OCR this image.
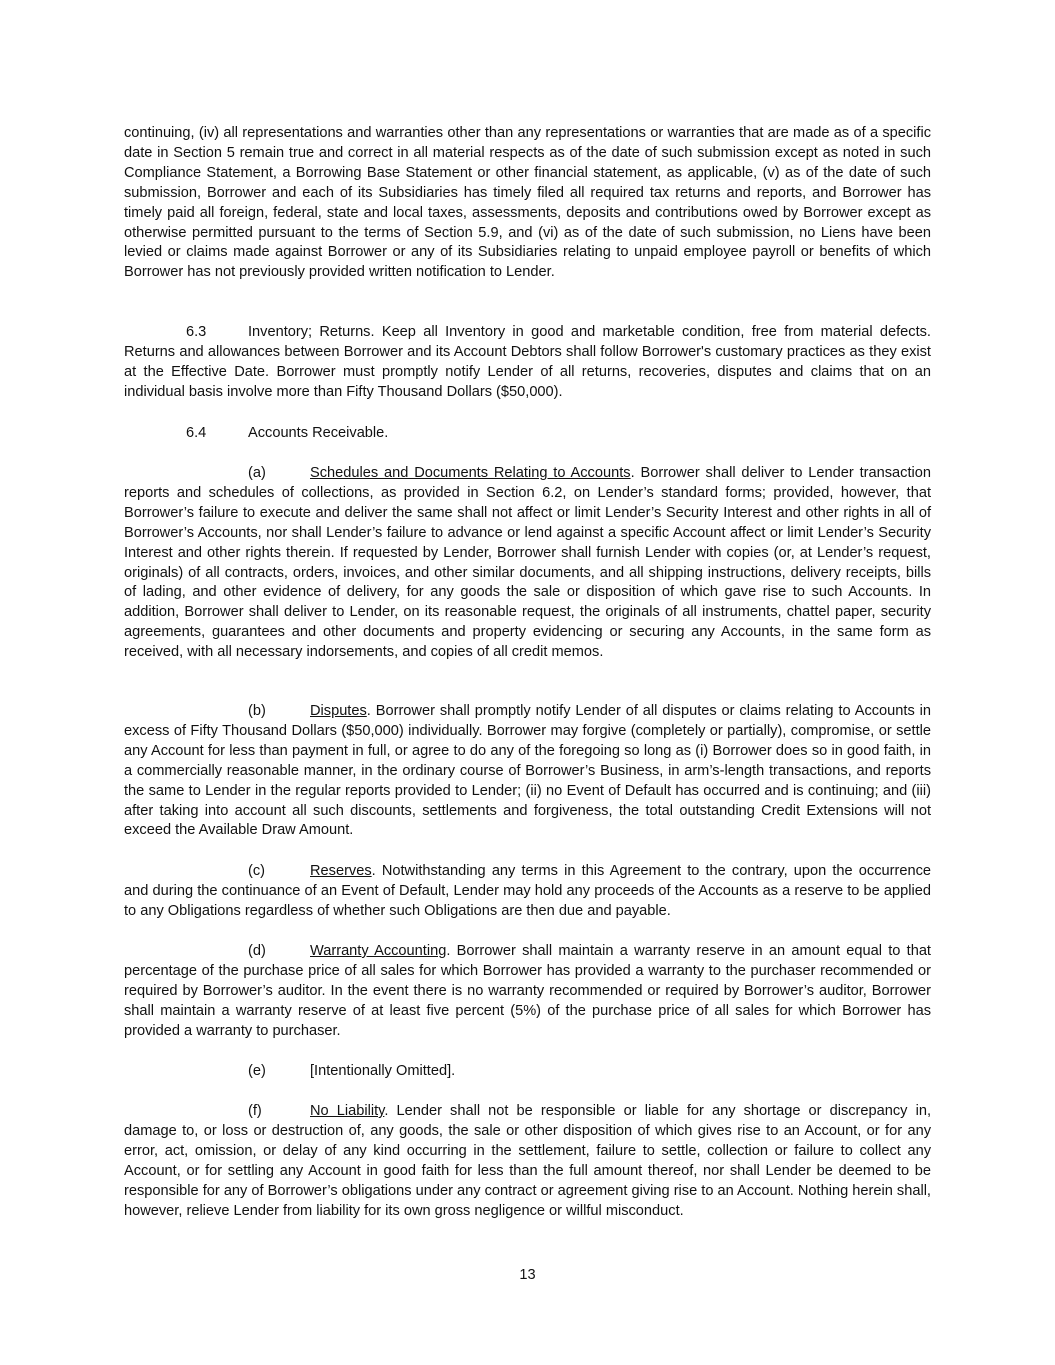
continuing, (iv) all representations and warranties other than any representations or warranties that are made as of a specific date in Section 5 remain true and correct in all material respects as of the date of such submission except as noted in such Compliance Statement, a Borrowing Base Statement or other financial statement, as applicable, (v) as of the date of such submission, Borrower and each of its Subsidiaries has timely filed all required tax returns and reports, and Borrower has timely paid all foreign, federal, state and local taxes, assessments, deposits and contributions owed by Borrower except as otherwise permitted pursuant to the terms of Section 5.9, and (vi) as of the date of such submission, no Liens have been levied or claims made against Borrower or any of its Subsidiaries relating to unpaid employee payroll or benefits of which Borrower has not previously provided written notification to Lender.

6.3	Inventory; Returns. Keep all Inventory in good and marketable condition, free from material defects. Returns and allowances between Borrower and its Account Debtors shall follow Borrower's customary practices as they exist at the Effective Date. Borrower must promptly notify Lender of all returns, recoveries, disputes and claims that on an individual basis involve more than Fifty Thousand Dollars ($50,000).

6.4	Accounts Receivable.

(a)	Schedules and Documents Relating to Accounts. Borrower shall deliver to Lender transaction reports and schedules of collections, as provided in Section 6.2, on Lender’s standard forms; provided, however, that Borrower’s failure to execute and deliver the same shall not affect or limit Lender’s Security Interest and other rights in all of Borrower’s Accounts, nor shall Lender’s failure to advance or lend against a specific Account affect or limit Lender’s Security Interest and other rights therein. If requested by Lender, Borrower shall furnish Lender with copies (or, at Lender’s request, originals) of all contracts, orders, invoices, and other similar documents, and all shipping instructions, delivery receipts, bills of lading, and other evidence of delivery, for any goods the sale or disposition of which gave rise to such Accounts. In addition, Borrower shall deliver to Lender, on its reasonable request, the originals of all instruments, chattel paper, security agreements, guarantees and other documents and property evidencing or securing any Accounts, in the same form as received, with all necessary indorsements, and copies of all credit memos.

(b)	Disputes. Borrower shall promptly notify Lender of all disputes or claims relating to Accounts in excess of Fifty Thousand Dollars ($50,000) individually. Borrower may forgive (completely or partially), compromise, or settle any Account for less than payment in full, or agree to do any of the foregoing so long as (i) Borrower does so in good faith, in a commercially reasonable manner, in the ordinary course of Borrower’s Business, in arm’s-length transactions, and reports the same to Lender in the regular reports provided to Lender; (ii) no Event of Default has occurred and is continuing; and (iii) after taking into account all such discounts, settlements and forgiveness, the total outstanding Credit Extensions will not exceed the Available Draw Amount.

(c)	Reserves. Notwithstanding any terms in this Agreement to the contrary, upon the occurrence and during the continuance of an Event of Default, Lender may hold any proceeds of the Accounts as a reserve to be applied to any Obligations regardless of whether such Obligations are then due and payable.

(d)	Warranty Accounting. Borrower shall maintain a warranty reserve in an amount equal to that percentage of the purchase price of all sales for which Borrower has provided a warranty to the purchaser recommended or required by Borrower’s auditor. In the event there is no warranty recommended or required by Borrower’s auditor, Borrower shall maintain a warranty reserve of at least five percent (5%) of the purchase price of all sales for which Borrower has provided a warranty to purchaser.

(e)	[Intentionally Omitted].

(f)	No Liability. Lender shall not be responsible or liable for any shortage or discrepancy in, damage to, or loss or destruction of, any goods, the sale or other disposition of which gives rise to an Account, or for any error, act, omission, or delay of any kind occurring in the settlement, failure to settle, collection or failure to collect any Account, or for settling any Account in good faith for less than the full amount thereof, nor shall Lender be deemed to be responsible for any of Borrower’s obligations under any contract or agreement giving rise to an Account. Nothing herein shall, however, relieve Lender from liability for its own gross negligence or willful misconduct.

13
